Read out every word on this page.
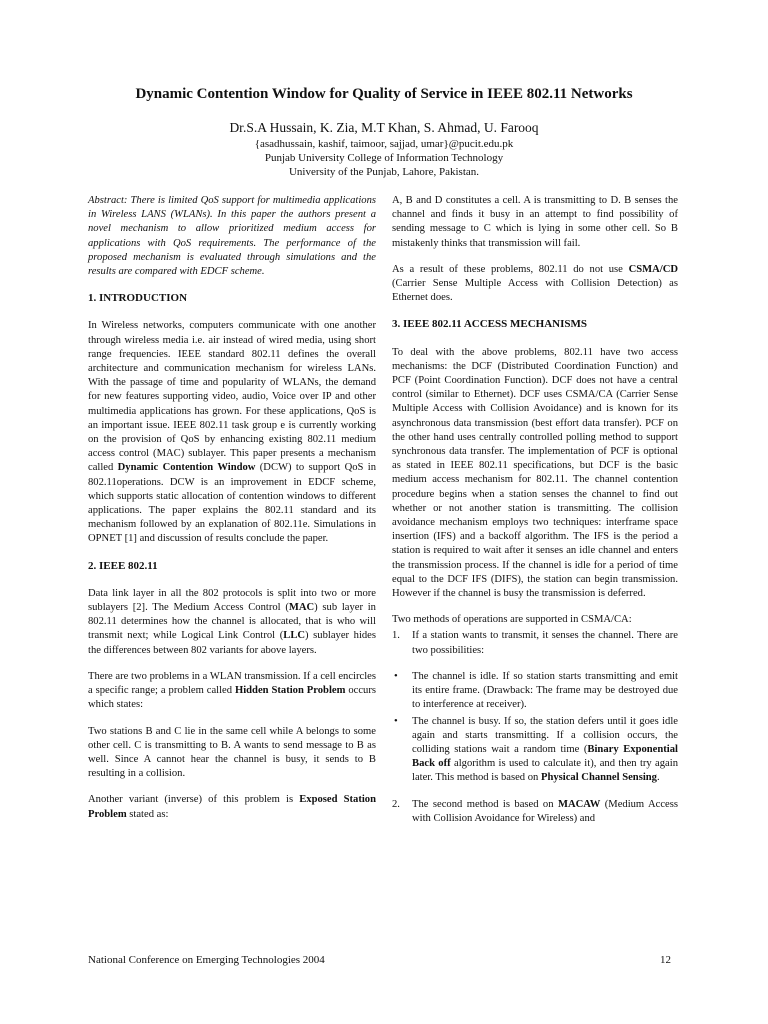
Dynamic Contention Window for Quality of Service in IEEE 802.11 Networks
Dr.S.A Hussain, K. Zia, M.T Khan, S. Ahmad, U. Farooq
{asadhussain, kashif, taimoor, sajjad, umar}@pucit.edu.pk
Punjab University College of Information Technology
University of the Punjab, Lahore, Pakistan.

Abstract: There is limited QoS support for multimedia applications in Wireless LANS (WLANs). In this paper the authors present a novel mechanism to allow prioritized medium access for applications with QoS requirements. The performance of the proposed mechanism is evaluated through simulations and the results are compared with EDCF scheme.

1. INTRODUCTION

In Wireless networks, computers communicate with one another through wireless media i.e. air instead of wired media, using short range frequencies. IEEE standard 802.11 defines the overall architecture and communication mechanism for wireless LANs. With the passage of time and popularity of WLANs, the demand for new features supporting video, audio, Voice over IP and other multimedia applications has grown. For these applications, QoS is an important issue. IEEE 802.11 task group e is currently working on the provision of QoS by enhancing existing 802.11 medium access control (MAC) sublayer. This paper presents a mechanism called Dynamic Contention Window (DCW) to support QoS in 802.11operations. DCW is an improvement in EDCF scheme, which supports static allocation of contention windows to different applications. The paper explains the 802.11 standard and its mechanism followed by an explanation of 802.11e. Simulations in OPNET [1] and discussion of results conclude the paper.

2. IEEE 802.11

Data link layer in all the 802 protocols is split into two or more sublayers [2]. The Medium Access Control (MAC) sub layer in 802.11 determines how the channel is allocated, that is who will transmit next; while Logical Link Control (LLC) sublayer hides the differences between 802 variants for above layers.

There are two problems in a WLAN transmission. If a cell encircles a specific range; a problem called Hidden Station Problem occurs which states:

Two stations B and C lie in the same cell while A belongs to some other cell. C is transmitting to B. A wants to send message to B as well. Since A cannot hear the channel is busy, it sends to B resulting in a collision.

Another variant (inverse) of this problem is Exposed Station Problem stated as:

A, B and D constitutes a cell. A is transmitting to D. B senses the channel and finds it busy in an attempt to find possibility of sending message to C which is lying in some other cell. So B mistakenly thinks that transmission will fail.

As a result of these problems, 802.11 do not use CSMA/CD (Carrier Sense Multiple Access with Collision Detection) as Ethernet does.

3. IEEE 802.11 ACCESS MECHANISMS

To deal with the above problems, 802.11 have two access mechanisms: the DCF (Distributed Coordination Function) and PCF (Point Coordination Function). DCF does not have a central control (similar to Ethernet). DCF uses CSMA/CA (Carrier Sense Multiple Access with Collision Avoidance) and is known for its asynchronous data transmission (best effort data transfer). PCF on the other hand uses centrally controlled polling method to support synchronous data transfer. The implementation of PCF is optional as stated in IEEE 802.11 specifications, but DCF is the basic medium access mechanism for 802.11. The channel contention procedure begins when a station senses the channel to find out whether or not another station is transmitting. The collision avoidance mechanism employs two techniques: interframe space insertion (IFS) and a backoff algorithm. The IFS is the period a station is required to wait after it senses an idle channel and enters the transmission process. If the channel is idle for a period of time equal to the DCF IFS (DIFS), the station can begin transmission. However if the channel is busy the transmission is deferred.

Two methods of operations are supported in CSMA/CA:

1. If a station wants to transmit, it senses the channel. There are two possibilities:
• The channel is idle. If so station starts transmitting and emit its entire frame. (Drawback: The frame may be destroyed due to interference at receiver).
• The channel is busy. If so, the station defers until it goes idle again and starts transmitting. If a collision occurs, the colliding stations wait a random time (Binary Exponential Back off algorithm is used to calculate it), and then try again later. This method is based on Physical Channel Sensing.
2. The second method is based on MACAW (Medium Access with Collision Avoidance for Wireless) and
National Conference on Emerging Technologies 2004	12
